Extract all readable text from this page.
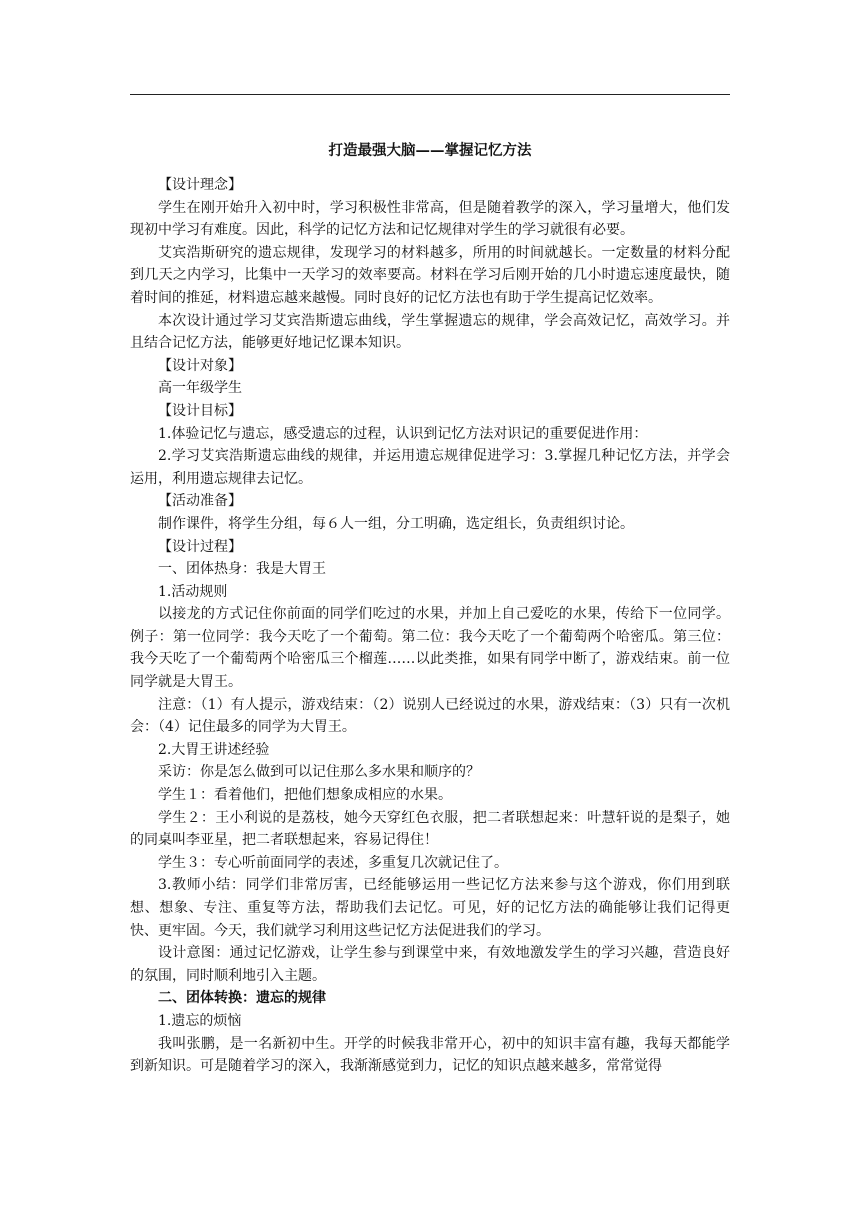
打造最强大脑——掌握记忆方法

【设计理念】

学生在刚开始升入初中时，学习积极性非常高，但是随着教学的深入，学习量增大，他们发现初中学习有难度。因此，科学的记忆方法和记忆规律对学生的学习就很有必要。

艾宾浩斯研究的遗忘规律，发现学习的材料越多，所用的时间就越长。一定数量的材料分配到几天之内学习，比集中一天学习的效率要高。材料在学习后刚开始的几小时遗忘速度最快，随着时间的推延，材料遗忘越来越慢。同时良好的记忆方法也有助于学生提高记忆效率。

本次设计通过学习艾宾浩斯遗忘曲线，学生掌握遗忘的规律，学会高效记忆，高效学习。并且结合记忆方法，能够更好地记忆课本知识。

【设计对象】

高一年级学生

【设计目标】

1.体验记忆与遗忘，感受遗忘的过程，认识到记忆方法对识记的重要促进作用：

2.学习艾宾浩斯遗忘曲线的规律，并运用遗忘规律促进学习：3.掌握几种记忆方法，并学会运用，利用遗忘规律去记忆。

【活动准备】

制作课件，将学生分组，每６人一组，分工明确，选定组长，负责组织讨论。

【设计过程】

一、团体热身：我是大胃王

1.活动规则

以接龙的方式记住你前面的同学们吃过的水果，并加上自己爱吃的水果，传给下一位同学。例子：第一位同学：我今天吃了一个葡萄。第二位：我今天吃了一个葡萄两个哈密瓜。第三位：我今天吃了一个葡萄两个哈密瓜三个榴莲……以此类推，如果有同学中断了，游戏结束。前一位同学就是大胃王。

注意：（1）有人提示，游戏结束：（2）说别人已经说过的水果，游戏结束：（3）只有一次机会：（4）记住最多的同学为大胃王。

2.大胃王讲述经验

采访：你是怎么做到可以记住那么多水果和顺序的？

学生１：看着他们，把他们想象成相应的水果。

学生２：王小利说的是荔枝，她今天穿红色衣服，把二者联想起来：叶慧轩说的是梨子，她的同桌叫李亚星，把二者联想起来，容易记得住！

学生３：专心听前面同学的表述，多重复几次就记住了。

3.教师小结：同学们非常厉害，已经能够运用一些记忆方法来参与这个游戏，你们用到联想、想象、专注、重复等方法，帮助我们去记忆。可见，好的记忆方法的确能够让我们记得更快、更牢固。今天，我们就学习利用这些记忆方法促进我们的学习。

设计意图：通过记忆游戏，让学生参与到课堂中来，有效地激发学生的学习兴趣，营造良好的氛围，同时顺利地引入主题。

二、团体转换：遗忘的规律

1.遗忘的烦恼

我叫张鹏，是一名新初中生。开学的时候我非常开心，初中的知识丰富有趣，我每天都能学到新知识。可是随着学习的深入，我渐渐感觉到力，记忆的知识点越来越多，常常觉得
